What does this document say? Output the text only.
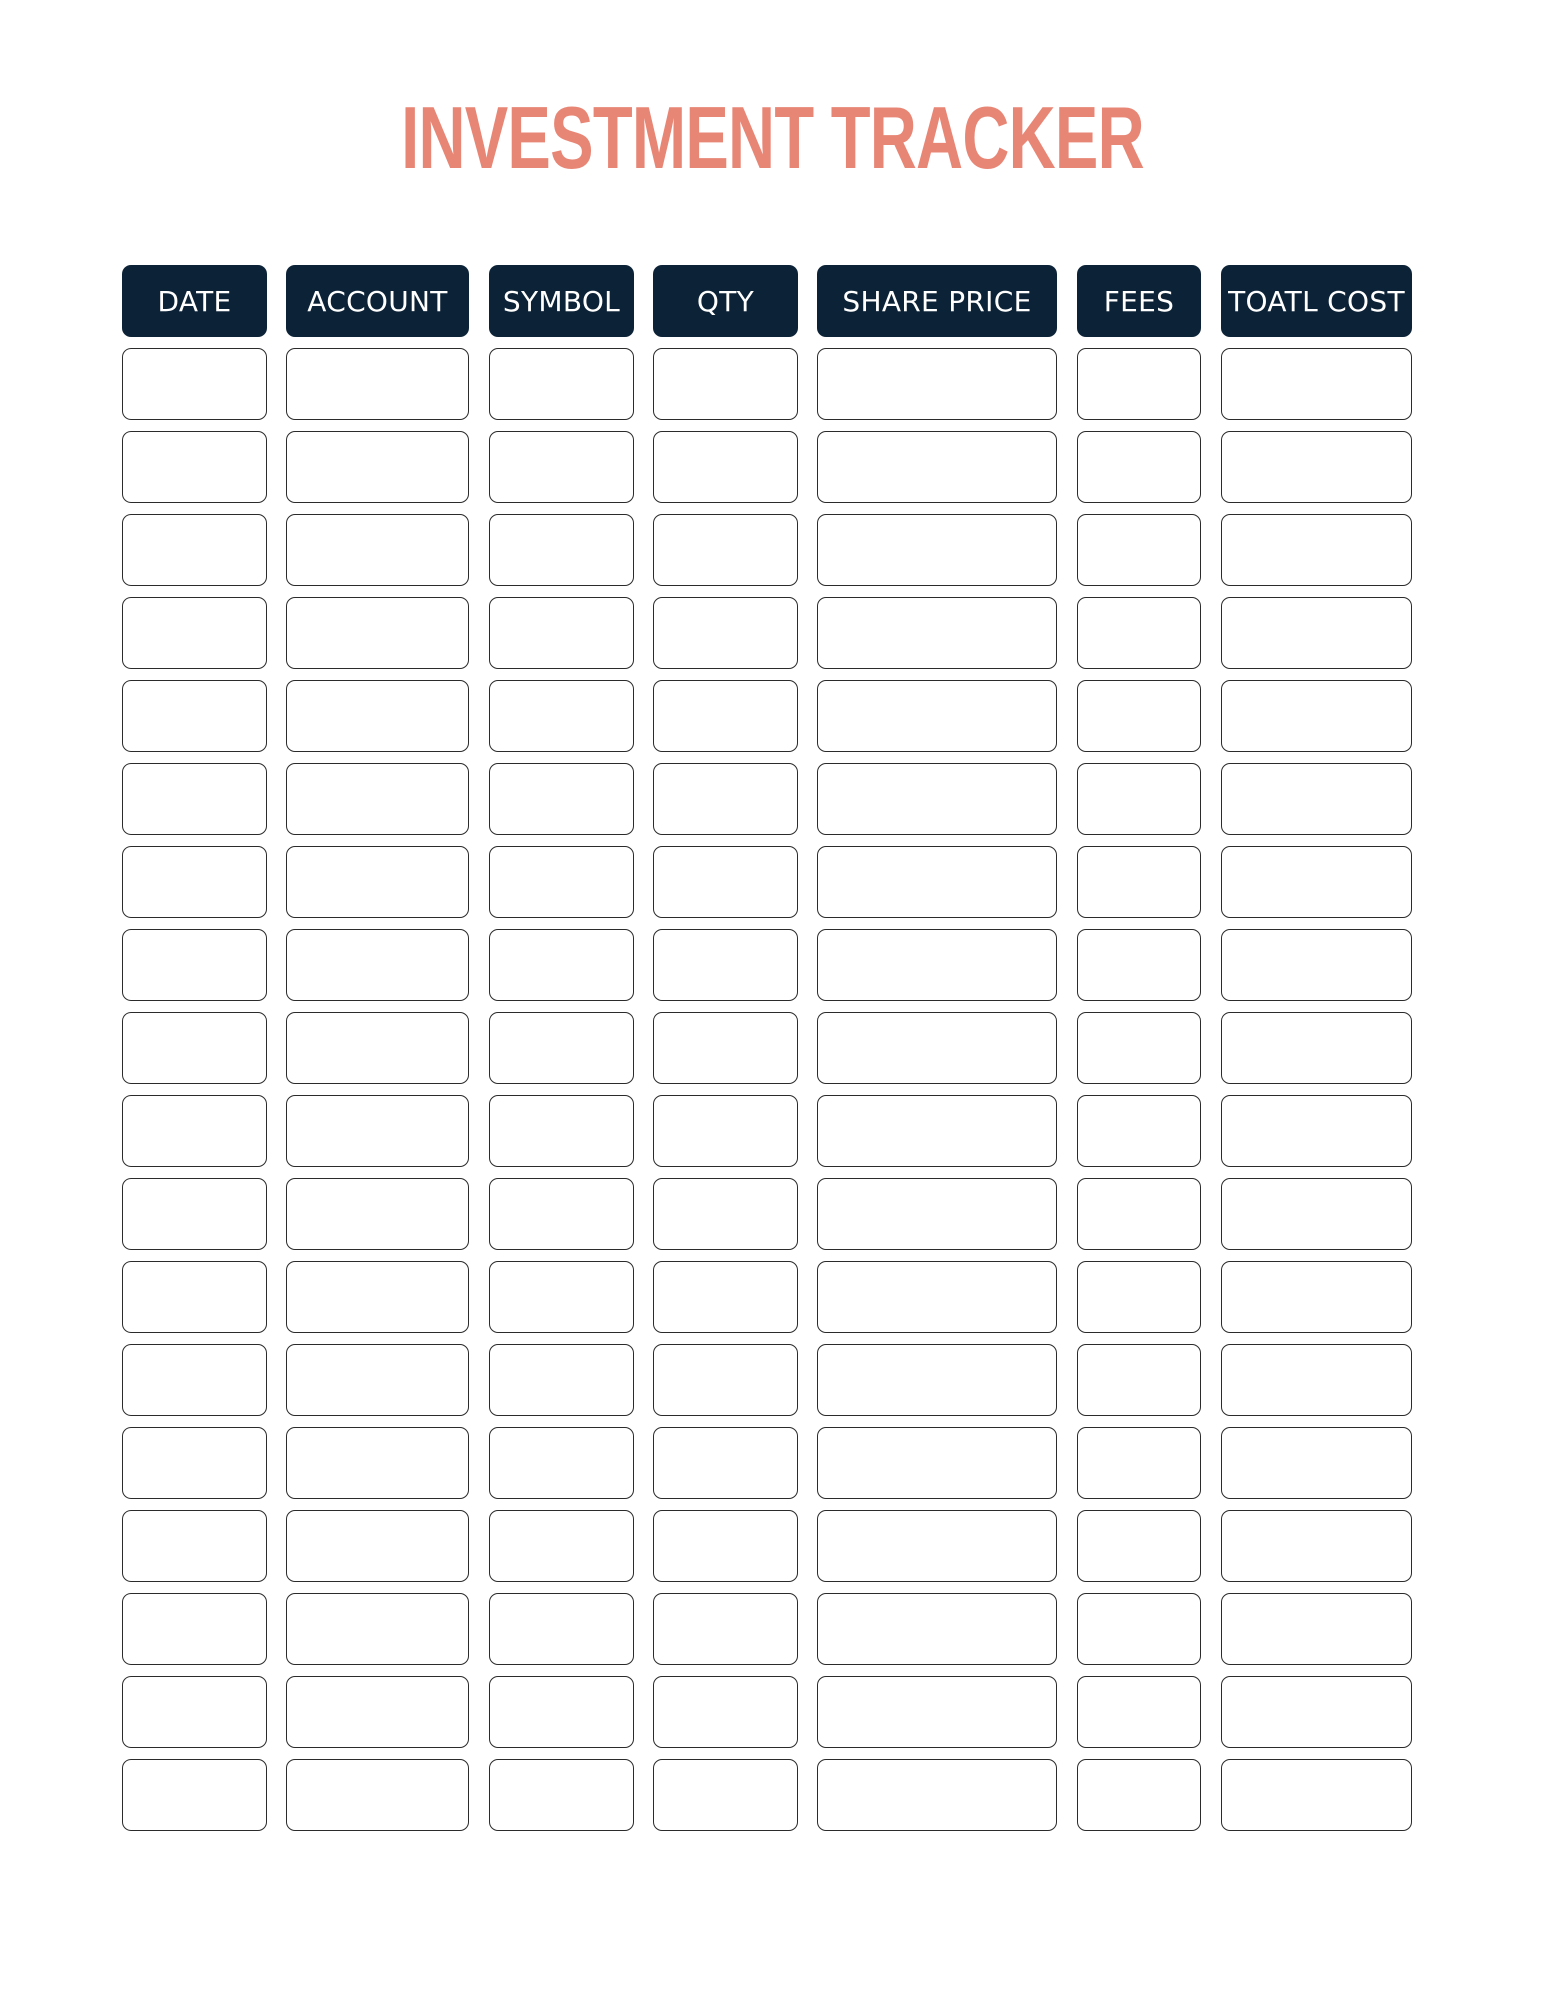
INVESTMENT TRACKER
DATE	ACCOUNT	SYMBOL	QTY	SHARE PRICE	FEES	TOATL COST
